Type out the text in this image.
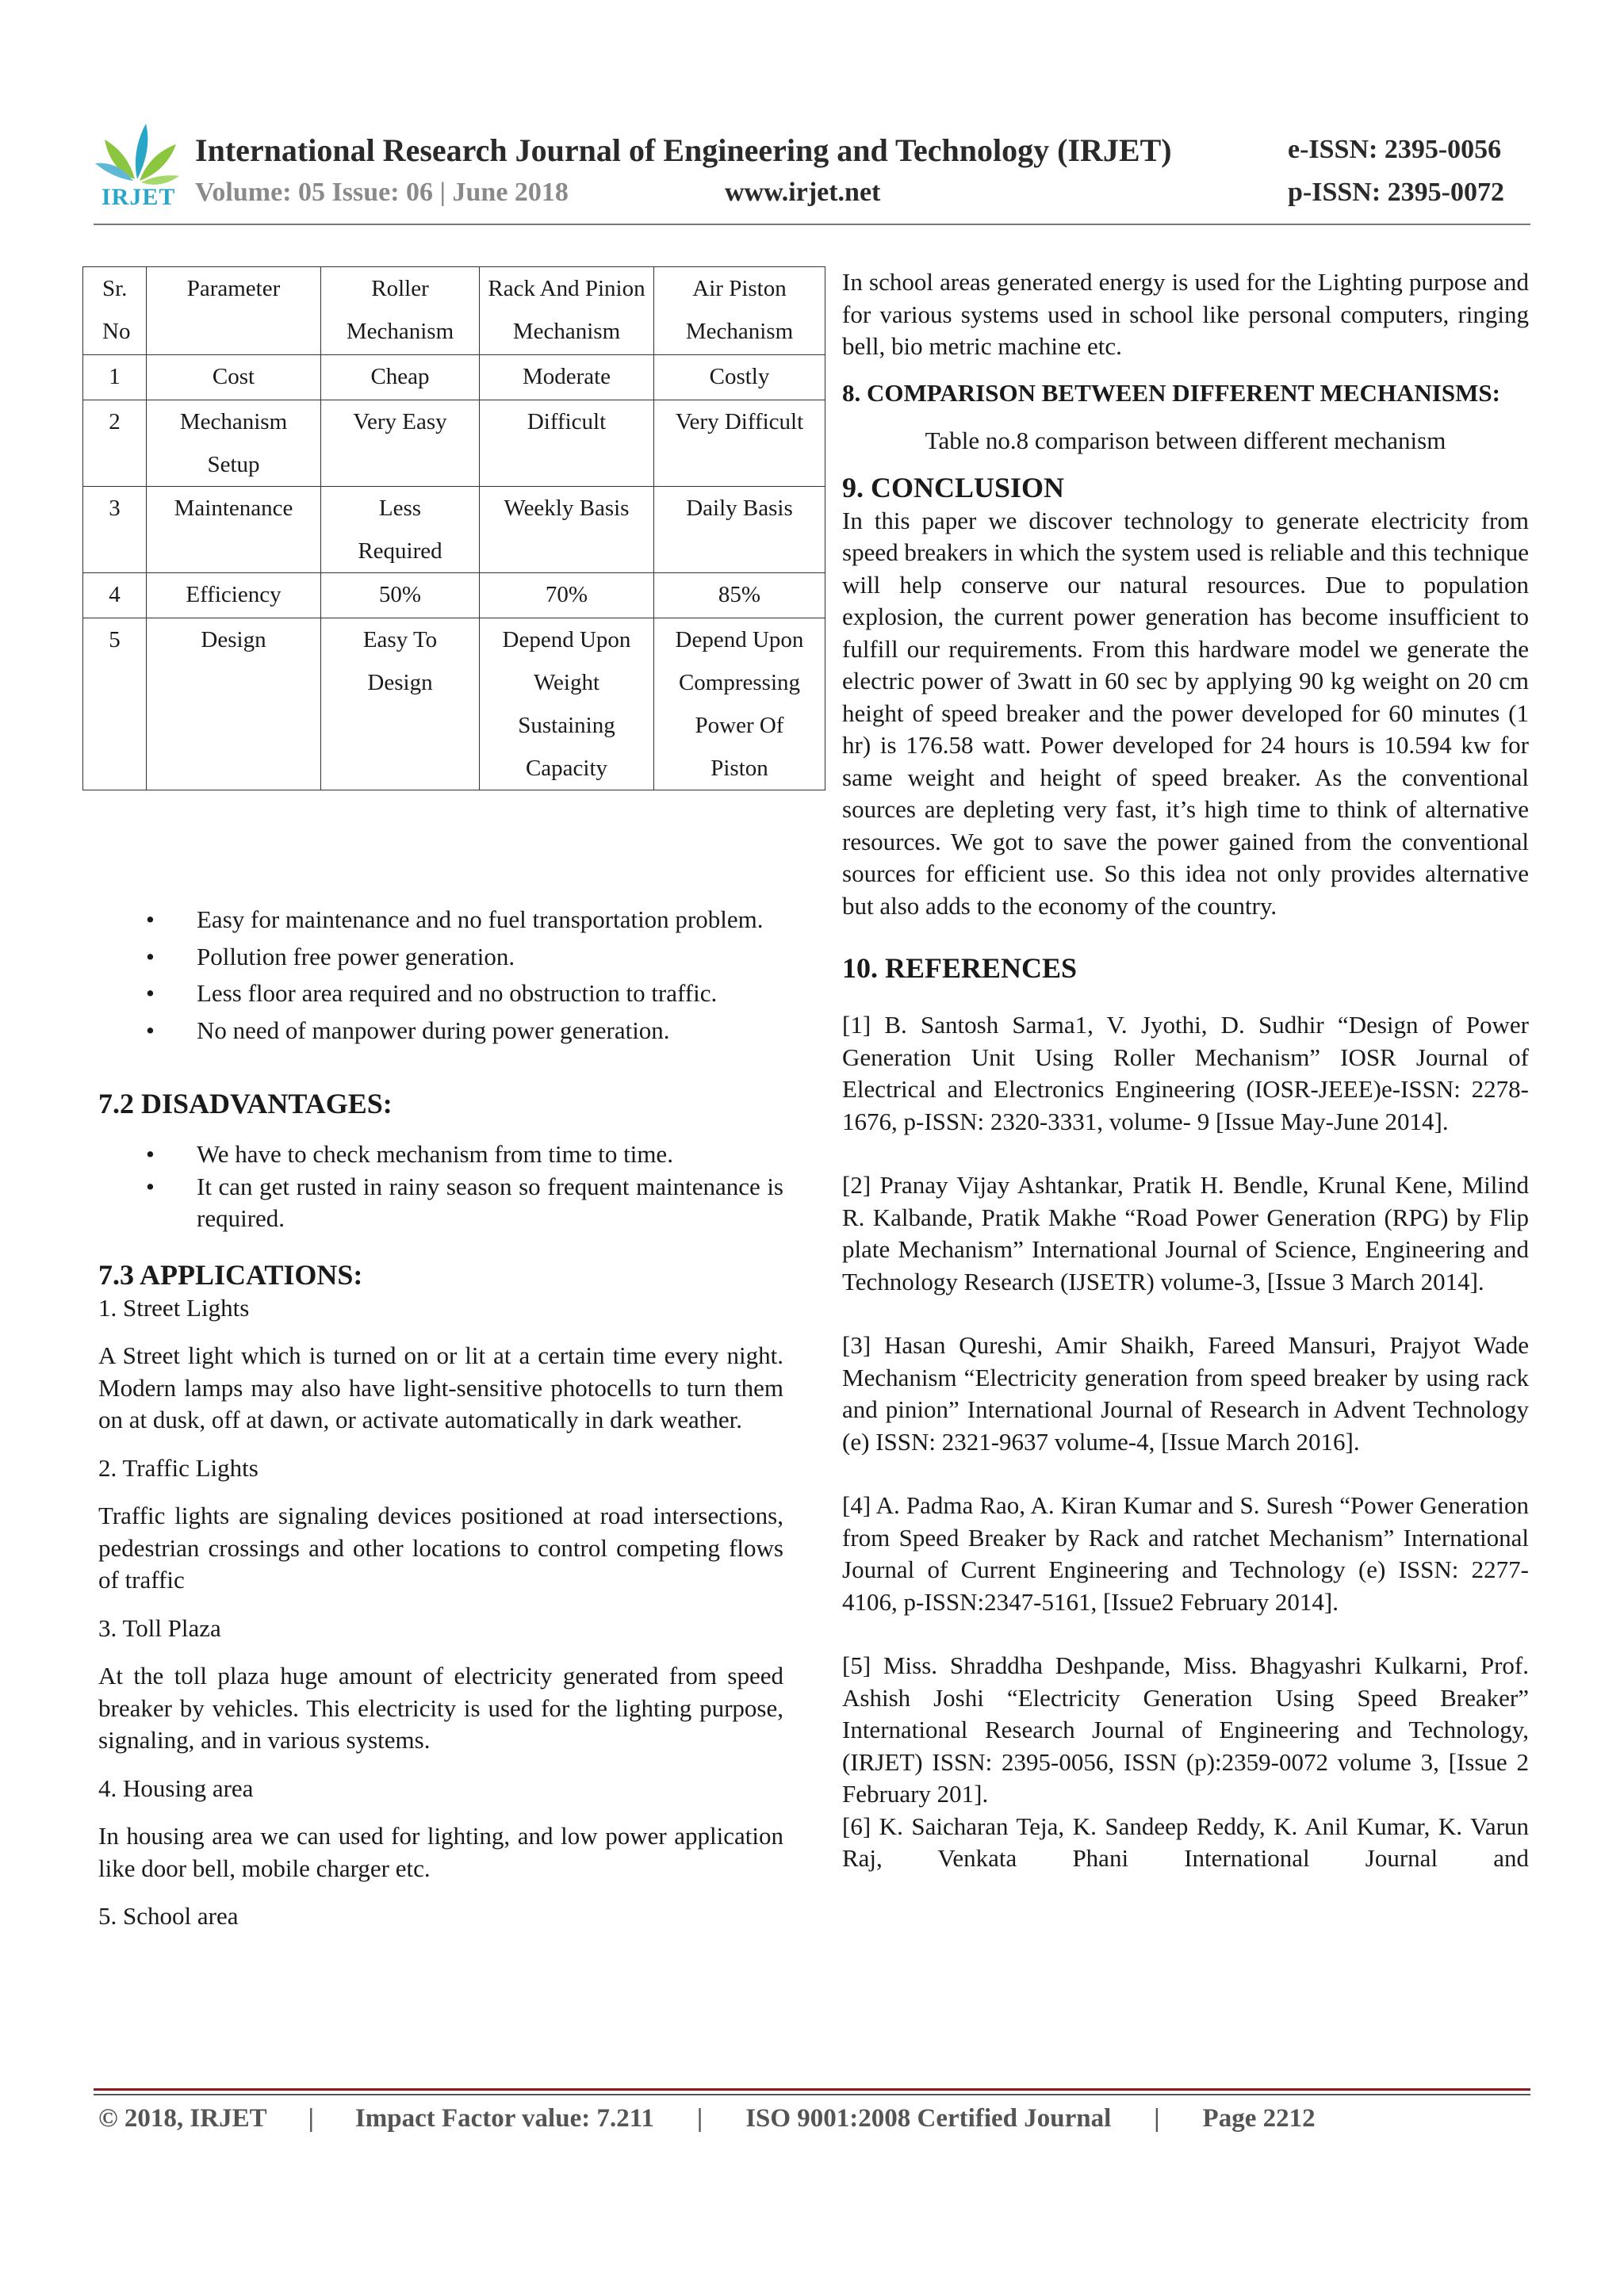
IRJET
International Research Journal of Engineering and Technology (IRJET)	e-ISSN: 2395-0056
Volume: 05 Issue: 06 | June 2018	www.irjet.net	p-ISSN: 2395-0072
Sr. No	Parameter	Roller Mechanism	Rack And Pinion Mechanism	Air Piston Mechanism
1	Cost	Cheap	Moderate	Costly
2	Mechanism Setup	Very Easy	Difficult	Very Difficult
3	Maintenance	Less Required	Weekly Basis	Daily Basis
4	Efficiency	50%	70%	85%
5	Design	Easy To Design	Depend Upon Weight Sustaining Capacity	Depend Upon Compressing Power Of Piston
• Easy for maintenance and no fuel transportation problem.
• Pollution free power generation.
• Less floor area required and no obstruction to traffic.
• No need of manpower during power generation.

7.2 DISADVANTAGES:

• We have to check mechanism from time to time.
• It can get rusted in rainy season so frequent maintenance is required.

7.3 APPLICATIONS:

1. Street Lights

A Street light which is turned on or lit at a certain time every night. Modern lamps may also have light-sensitive photocells to turn them on at dusk, off at dawn, or activate automatically in dark weather.

2. Traffic Lights

Traffic lights are signaling devices positioned at road intersections, pedestrian crossings and other locations to control competing flows of traffic

3. Toll Plaza

At the toll plaza huge amount of electricity generated from speed breaker by vehicles. This electricity is used for the lighting purpose, signaling, and in various systems.

4. Housing area

In housing area we can used for lighting, and low power application like door bell, mobile charger etc.

5. School area

In school areas generated energy is used for the Lighting purpose and for various systems used in school like personal computers, ringing bell, bio metric machine etc.

8. COMPARISON BETWEEN DIFFERENT MECHANISMS:

Table no.8 comparison between different mechanism

9. CONCLUSION

In this paper we discover technology to generate electricity from speed breakers in which the system used is reliable and this technique will help conserve our natural resources. Due to population explosion, the current power generation has become insufficient to fulfill our requirements. From this hardware model we generate the electric power of 3watt in 60 sec by applying 90 kg weight on 20 cm height of speed breaker and the power developed for 60 minutes (1 hr) is 176.58 watt. Power developed for 24 hours is 10.594 kw for same weight and height of speed breaker. As the conventional sources are depleting very fast, it’s high time to think of alternative resources. We got to save the power gained from the conventional sources for efficient use. So this idea not only provides alternative but also adds to the economy of the country.

10. REFERENCES

[1] B. Santosh Sarma1, V. Jyothi, D. Sudhir “Design of Power Generation Unit Using Roller Mechanism” IOSR Journal of Electrical and Electronics Engineering (IOSR-JEEE)e-ISSN: 2278-1676, p-ISSN: 2320-3331, volume- 9 [Issue May-June 2014].

[2] Pranay Vijay Ashtankar, Pratik H. Bendle, Krunal Kene, Milind R. Kalbande, Pratik Makhe “Road Power Generation (RPG) by Flip plate Mechanism” International Journal of Science, Engineering and Technology Research (IJSETR) volume-3, [Issue 3 March 2014].

[3] Hasan Qureshi, Amir Shaikh, Fareed Mansuri, Prajyot Wade Mechanism “Electricity generation from speed breaker by using rack and pinion” International Journal of Research in Advent Technology (e) ISSN: 2321-9637 volume-4, [Issue March 2016].

[4] A. Padma Rao, A. Kiran Kumar and S. Suresh “Power Generation from Speed Breaker by Rack and ratchet Mechanism” International Journal of Current Engineering and Technology (e) ISSN: 2277-4106, p-ISSN:2347-5161, [Issue2 February 2014].

[5] Miss. Shraddha Deshpande, Miss. Bhagyashri Kulkarni, Prof. Ashish Joshi “Electricity Generation Using Speed Breaker” International Research Journal of Engineering and Technology, (IRJET) ISSN: 2395-0056, ISSN (p):2359-0072 volume 3, [Issue 2 February 201].

[6] K. Saicharan Teja, K. Sandeep Reddy, K. Anil Kumar, K. Varun Raj, Venkata Phani International Journal and

© 2018, IRJET | Impact Factor value: 7.211 | ISO 9001:2008 Certified Journal | Page 2212
